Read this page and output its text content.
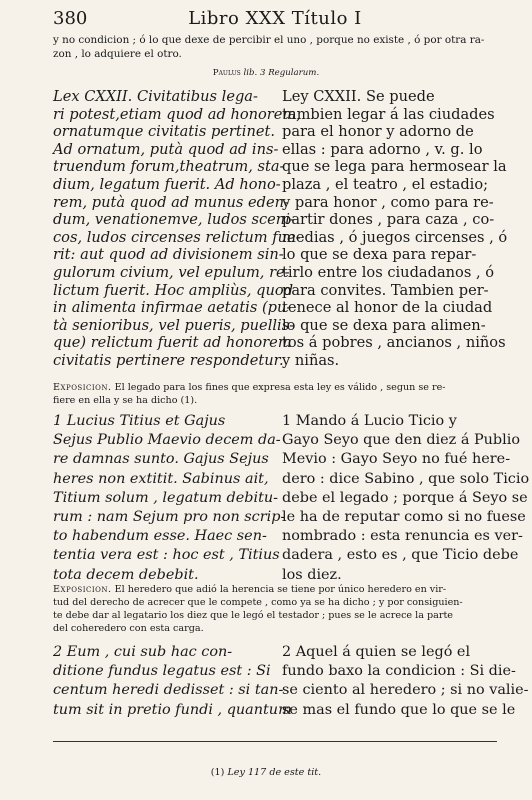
380	Libro XXX Título I
y no condicion ; ó lo que dexe de percibir el uno , porque no existe , ó por otra ra-
zon , lo adquiere el otro.
Paulus lib. 3 Regularum.
Lex CXXII. Civitatibus lega-
ri potest,etiam quod ad honorem,
ornatumque civitatis pertinet.
Ad ornatum, putà quod ad ins-
truendum forum,theatrum, sta-
dium, legatum fuerit. Ad hono-
rem, putà quod ad munus eden-
dum, venationemve, ludos sceni-
cos, ludos circenses relictum fue-
rit: aut quod ad divisionem sin-
gulorum civium, vel epulum, re-
lictum fuerit. Hoc ampliùs, quod
in alimenta infirmae aetatis (pu-
tà senioribus, vel pueris, puellis-
que) relictum fuerit ad honorem
civitatis pertinere respondetur.
Ley CXXII. Se puede
tambien legar á las ciudades
para el honor y adorno de
ellas : para adorno , v. g. lo
que se lega para hermosear la
plaza , el teatro , el estadio;
y para honor , como para re-
partir dones , para caza , co-
medias , ó juegos circenses , ó
lo que se dexa para repar-
tirlo entre los ciudadanos , ó
para convites. Tambien per-
tenece al honor de la ciudad
lo que se dexa para alimen-
tos á pobres , ancianos , niños
y niñas.
Exposicion. El legado para los fines que expresa esta ley es válido , segun se re-
fiere en ella y se ha dicho (1).
1 Lucius Titius et Gajus
Sejus Publio Maevio decem da-
re damnas sunto. Gajus Sejus
heres non extitit. Sabinus ait,
Titium solum , legatum debitu-
rum : nam Sejum pro non scrip-
to habendum esse. Haec sen-
tentia vera est : hoc est , Titius
tota decem debebit.
1 Mando á Lucio Ticio y
Gayo Seyo que den diez á Publio
Mevio : Gayo Seyo no fué here-
dero : dice Sabino , que solo Ticio
debe el legado ; porque á Seyo se
le ha de reputar como si no fuese
nombrado : esta renuncia es ver-
dadera , esto es , que Ticio debe
los diez.
Exposicion. El heredero que adió la herencia se tiene por único heredero en vir-
tud del derecho de acrecer que le compete , como ya se ha dicho ; y por consiguien-
te debe dar al legatario los diez que le legó el testador ; pues se le acrece la parte
del coheredero con esta carga.
2 Eum , cui sub hac con-
ditione fundus legatus est : Si
centum heredi dedisset : si tan-
tum sit in pretio fundi , quantum
2 Aquel á quien se legó el
fundo baxo la condicion : Si die-
se ciento al heredero ; si no valie-
se mas el fundo que lo que se le
(1) Ley 117 de este tit.
